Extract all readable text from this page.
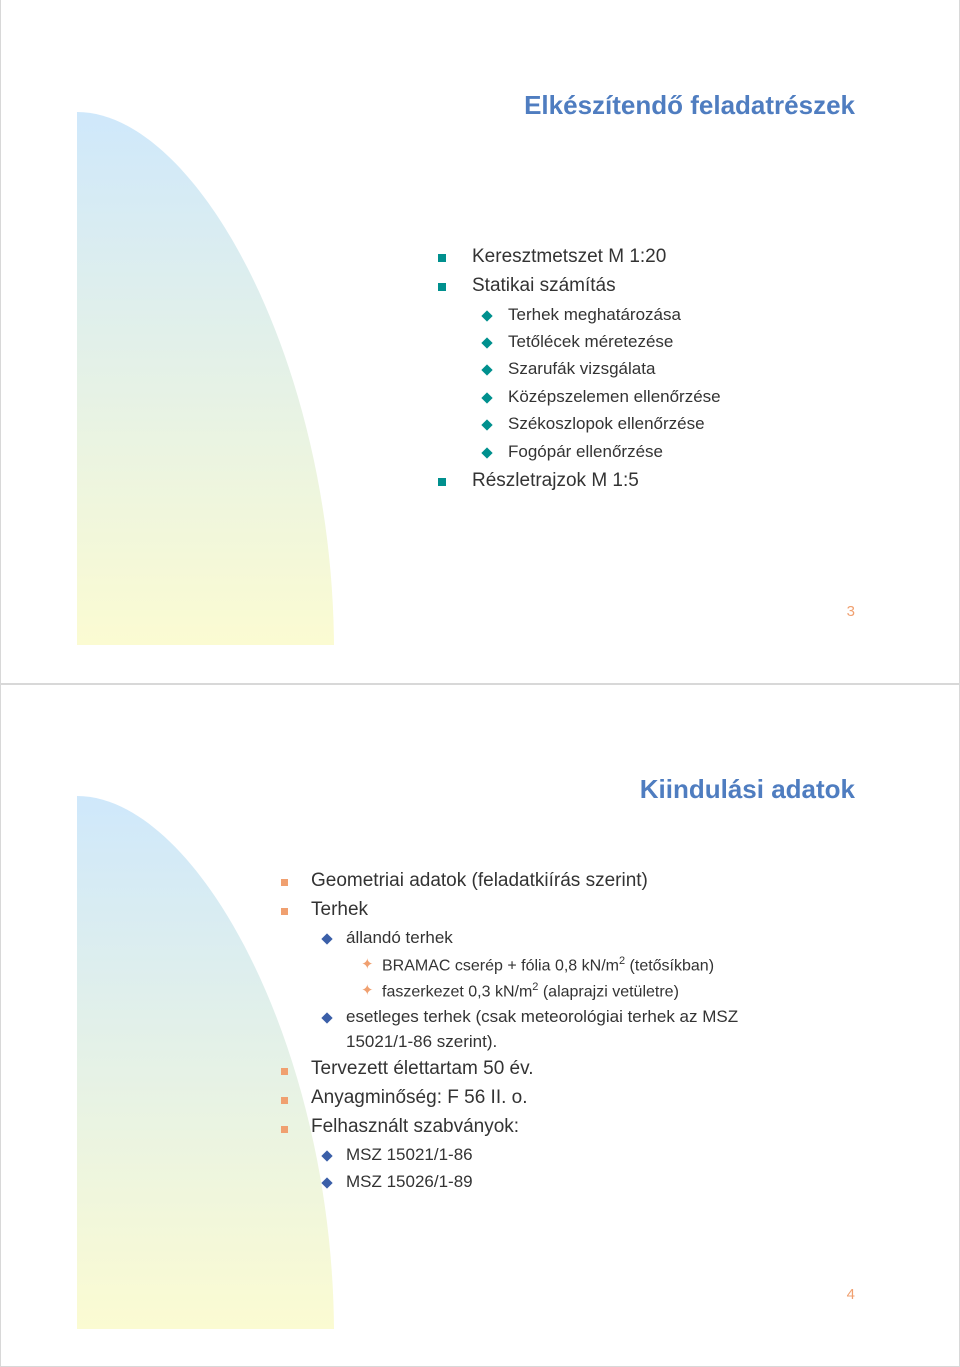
Elkészítendő feladatrészek
Keresztmetszet M 1:20
Statikai számítás
Terhek meghatározása
Tetőlécek méretezése
Szarufák vizsgálata
Középszelemen ellenőrzése
Székoszlopok ellenőrzése
Fogópár ellenőrzése
Részletrajzok M 1:5
3
Kiindulási adatok
Geometriai adatok (feladatkiírás szerint)
Terhek
állandó terhek
✦ BRAMAC cserép + fólia 0,8 $kN/m^2$ (tetősíkban)
✦ faszerkezet 0,3 $kN/m^2$ (alaprajzi vetületre)
esetleges terhek (csak meteorológiai terhek az MSZ
15021/1-86 szerint).
Tervezett élettartam 50 év.
Anyagminőség: F 56 II. o.
Felhasznált szabványok:
MSZ 15021/1-86
MSZ 15026/1-89
4
